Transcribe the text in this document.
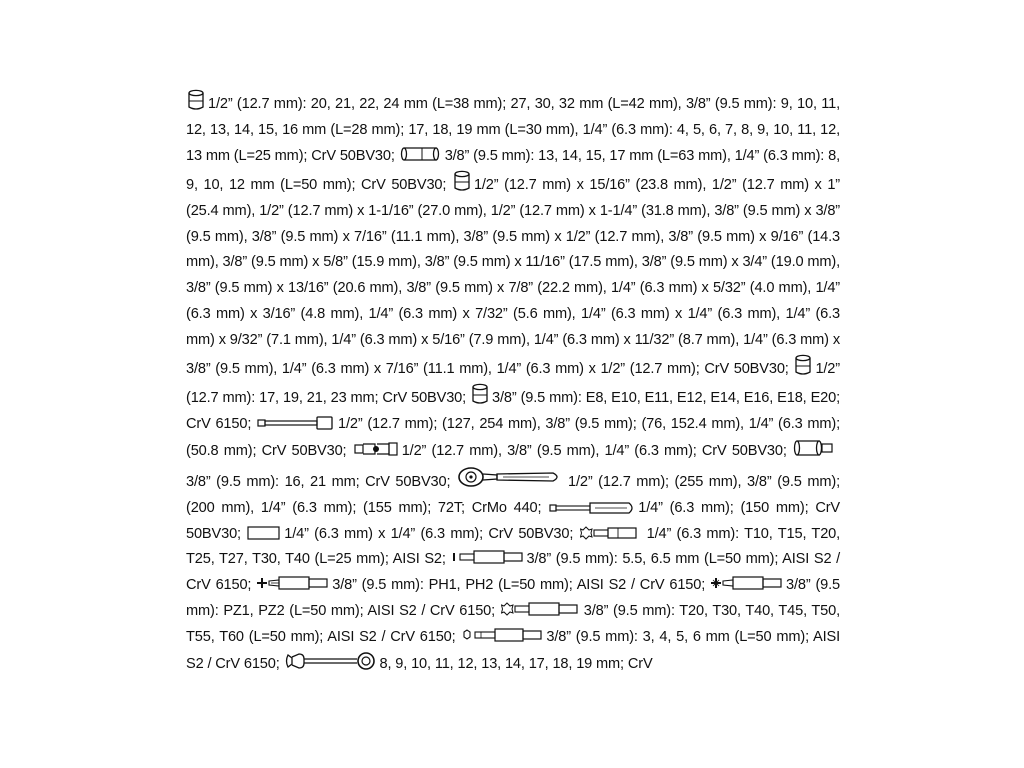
1/2” (12.7 mm): 20, 21, 22, 24 mm (L=38 mm); 27, 30, 32 mm (L=42 mm), 3/8” (9.5 mm): 9, 10, 11, 12, 13, 14, 15, 16 mm (L=28 mm); 17, 18, 19 mm (L=30 mm), 1/4” (6.3 mm): 4, 5, 6, 7, 8, 9, 10, 11, 12, 13 mm (L=25 mm); CrV 50BV30;	3/8” (9.5 mm): 13, 14, 15, 17 mm (L=63 mm), 1/4” (6.3 mm): 8, 9, 10, 12 mm (L=50 mm); CrV 50BV30; 1/2” (12.7 mm) x 15/16” (23.8 mm), 1/2” (12.7 mm) x 1” (25.4 mm), 1/2” (12.7 mm) x 1-1/16” (27.0 mm), 1/2” (12.7 mm) x 1-1/4” (31.8 mm), 3/8” (9.5 mm) x 3/8” (9.5 mm), 3/8” (9.5 mm) x 7/16” (11.1 mm), 3/8” (9.5 mm) x 1/2” (12.7 mm), 3/8” (9.5 mm) x 9/16” (14.3 mm), 3/8” (9.5 mm) x 5/8” (15.9 mm), 3/8” (9.5 mm) x 11/16” (17.5 mm), 3/8” (9.5 mm) x 3/4” (19.0 mm), 3/8” (9.5 mm) x 13/16” (20.6 mm), 3/8” (9.5 mm) x 7/8” (22.2 mm), 1/4” (6.3 mm) x 5/32” (4.0 mm), 1/4” (6.3 mm) x 3/16” (4.8 mm), 1/4” (6.3 mm) x 7/32” (5.6 mm), 1/4” (6.3 mm) x 1/4” (6.3 mm), 1/4” (6.3 mm) x 9/32” (7.1 mm), 1/4” (6.3 mm) x 5/16” (7.9 mm), 1/4” (6.3 mm) x 11/32” (8.7 mm), 1/4” (6.3 mm) x 3/8” (9.5 mm), 1/4” (6.3 mm) x 7/16” (11.1 mm), 1/4” (6.3 mm) x 1/2” (12.7 mm); CrV 50BV30; 1/2” (12.7 mm): 17, 19, 21, 23 mm; CrV 50BV30; 3/8” (9.5 mm): E8, E10, E11, E12, E14, E16, E18, E20; CrV 6150;	1/2” (12.7 mm); (127, 254 mm), 3/8” (9.5 mm); (76, 152.4 mm), 1/4” (6.3 mm); (50.8 mm); CrV 50BV30;	1/2” (12.7 mm), 3/8” (9.5 mm), 1/4” (6.3 mm); CrV 50BV30;
3/8” (9.5 mm): 16, 21 mm; CrV 50BV30;	1/2” (12.7 mm); (255 mm), 3/8” (9.5 mm); (200 mm), 1/4” (6.3 mm); (155 mm); 72T; CrMo 440;	1/4” (6.3 mm); (150 mm); CrV 50BV30;	1/4” (6.3 mm) x 1/4” (6.3 mm); CrV 50BV30;	1/4” (6.3 mm): T10, T15, T20, T25, T27, T30, T40 (L=25 mm); AISI S2;	3/8” (9.5 mm): 5.5, 6.5 mm (L=50 mm); AISI S2 / CrV 6150;	3/8” (9.5 mm): PH1, PH2 (L=50 mm); AISI S2 / CrV 6150;	3/8” (9.5 mm): PZ1, PZ2 (L=50 mm); AISI S2 / CrV 6150;	3/8” (9.5 mm): T20, T30, T40, T45, T50, T55, T60 (L=50 mm); AISI S2 / CrV 6150;	3/8” (9.5 mm): 3, 4, 5, 6 mm (L=50 mm); AISI S2 / CrV 6150;	8, 9, 10, 11, 12, 13, 14, 17, 18, 19 mm; CrV
